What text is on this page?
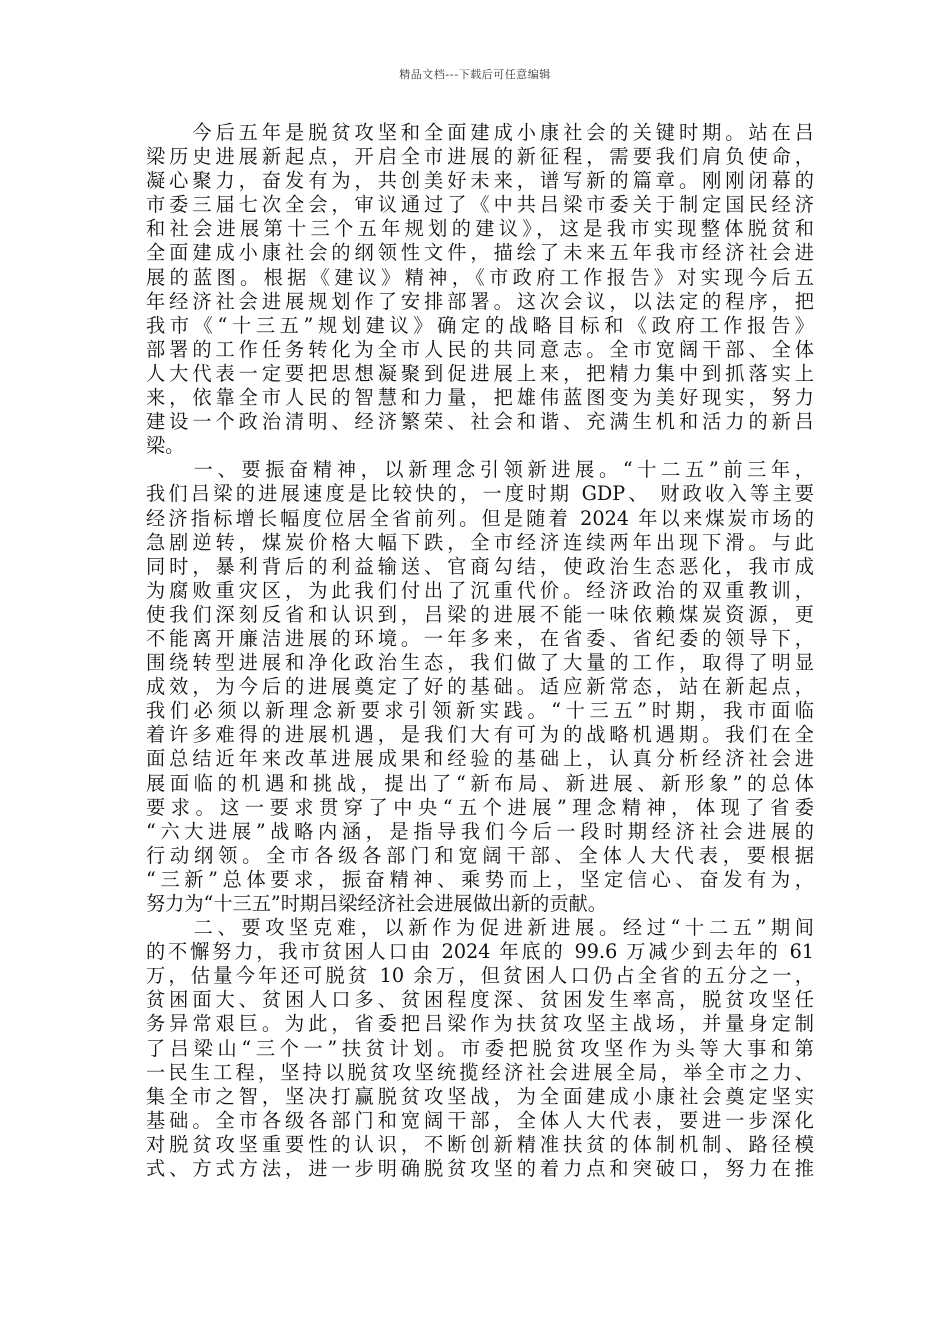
精品文档---下载后可任意编辑
　　今后五年是脱贫攻坚和全面建成小康社会的关键时期。站在吕
梁历史进展新起点，开启全市进展的新征程，需要我们肩负使命，
凝心聚力，奋发有为，共创美好未来，谱写新的篇章。刚刚闭幕的
市委三届七次全会，审议通过了《中共吕梁市委关于制定国民经济
和社会进展第十三个五年规划的建议》，这是我市实现整体脱贫和
全面建成小康社会的纲领性文件，描绘了未来五年我市经济社会进
展的蓝图。根据《建议》精神，《市政府工作报告》对实现今后五
年经济社会进展规划作了安排部署。这次会议，以法定的程序，把
我市《“十三五”规划建议》确定的战略目标和《政府工作报告》
部署的工作任务转化为全市人民的共同意志。全市宽阔干部、全体
人大代表一定要把思想凝聚到促进展上来，把精力集中到抓落实上
来，依靠全市人民的智慧和力量，把雄伟蓝图变为美好现实，努力
建设一个政治清明、经济繁荣、社会和谐、充满生机和活力的新吕
梁。
　　一、要振奋精神，以新理念引领新进展。“十二五”前三年，
我们吕梁的进展速度是比较快的，一度时期 GDP、 财政收入等主要
经济指标增长幅度位居全省前列。但是随着 2024 年以来煤炭市场的
急剧逆转，煤炭价格大幅下跌，全市经济连续两年出现下滑。与此
同时，暴利背后的利益输送、官商勾结，使政治生态恶化，我市成
为腐败重灾区，为此我们付出了沉重代价。经济政治的双重教训，
使我们深刻反省和认识到，吕梁的进展不能一味依赖煤炭资源，更
不能离开廉洁进展的环境。一年多来，在省委、省纪委的领导下，
围绕转型进展和净化政治生态，我们做了大量的工作，取得了明显
成效，为今后的进展奠定了好的基础。适应新常态，站在新起点，
我们必须以新理念新要求引领新实践。“十三五”时期，我市面临
着许多难得的进展机遇，是我们大有可为的战略机遇期。我们在全
面总结近年来改革进展成果和经验的基础上，认真分析经济社会进
展面临的机遇和挑战，提出了“新布局、新进展、新形象”的总体
要求。这一要求贯穿了中央“五个进展”理念精神，体现了省委
“六大进展”战略内涵，是指导我们今后一段时期经济社会进展的
行动纲领。全市各级各部门和宽阔干部、全体人大代表，要根据
“三新”总体要求，振奋精神、乘势而上，坚定信心、奋发有为，
努力为“十三五”时期吕梁经济社会进展做出新的贡献。
　　二、要攻坚克难，以新作为促进新进展。经过“十二五”期间
的不懈努力，我市贫困人口由 2024 年底的 99.6 万减少到去年的 61
万，估量今年还可脱贫 10 余万，但贫困人口仍占全省的五分之一，
贫困面大、贫困人口多、贫困程度深、贫困发生率高，脱贫攻坚任
务异常艰巨。为此，省委把吕梁作为扶贫攻坚主战场，并量身定制
了吕梁山“三个一”扶贫计划。市委把脱贫攻坚作为头等大事和第
一民生工程，坚持以脱贫攻坚统揽经济社会进展全局，举全市之力、
集全市之智，坚决打赢脱贫攻坚战，为全面建成小康社会奠定坚实
基础。全市各级各部门和宽阔干部，全体人大代表，要进一步深化
对脱贫攻坚重要性的认识，不断创新精准扶贫的体制机制、路径模
式、方式方法，进一步明确脱贫攻坚的着力点和突破口，努力在推
